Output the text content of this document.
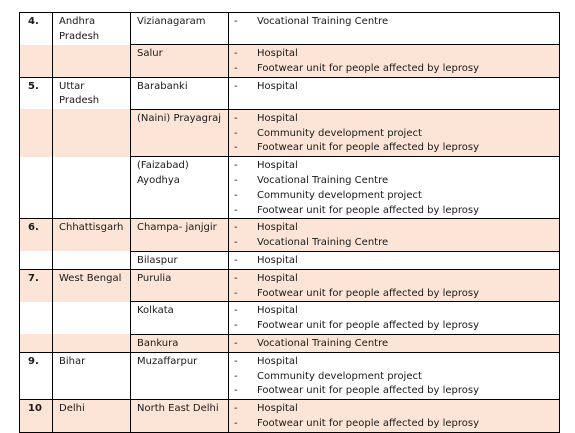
4.	Andhra Pradesh	Vizianagaram	- Vocational Training Centre

		Salur	- Hospital
- Footwear unit for people affected by leprosy

5.	Uttar Pradesh	Barabanki	- Hospital

		(Naini) Prayagraj	- Hospital
- Community development project
- Footwear unit for people affected by leprosy

		(Faizabad) Ayodhya	- Hospital
- Vocational Training Centre
- Community development project
- Footwear unit for people affected by leprosy

6.	Chhattisgarh	Champa- janjgir	- Hospital
- Vocational Training Centre

		Bilaspur	- Hospital

7.	West Bengal	Purulia	- Hospital
- Footwear unit for people affected by leprosy

		Kolkata	- Hospital
- Footwear unit for people affected by leprosy

		Bankura	- Vocational Training Centre

9.	Bihar	Muzaffarpur	- Hospital
- Community development project
- Footwear unit for people affected by leprosy

10	Delhi	North East Delhi	- Hospital
- Footwear unit for people affected by leprosy
